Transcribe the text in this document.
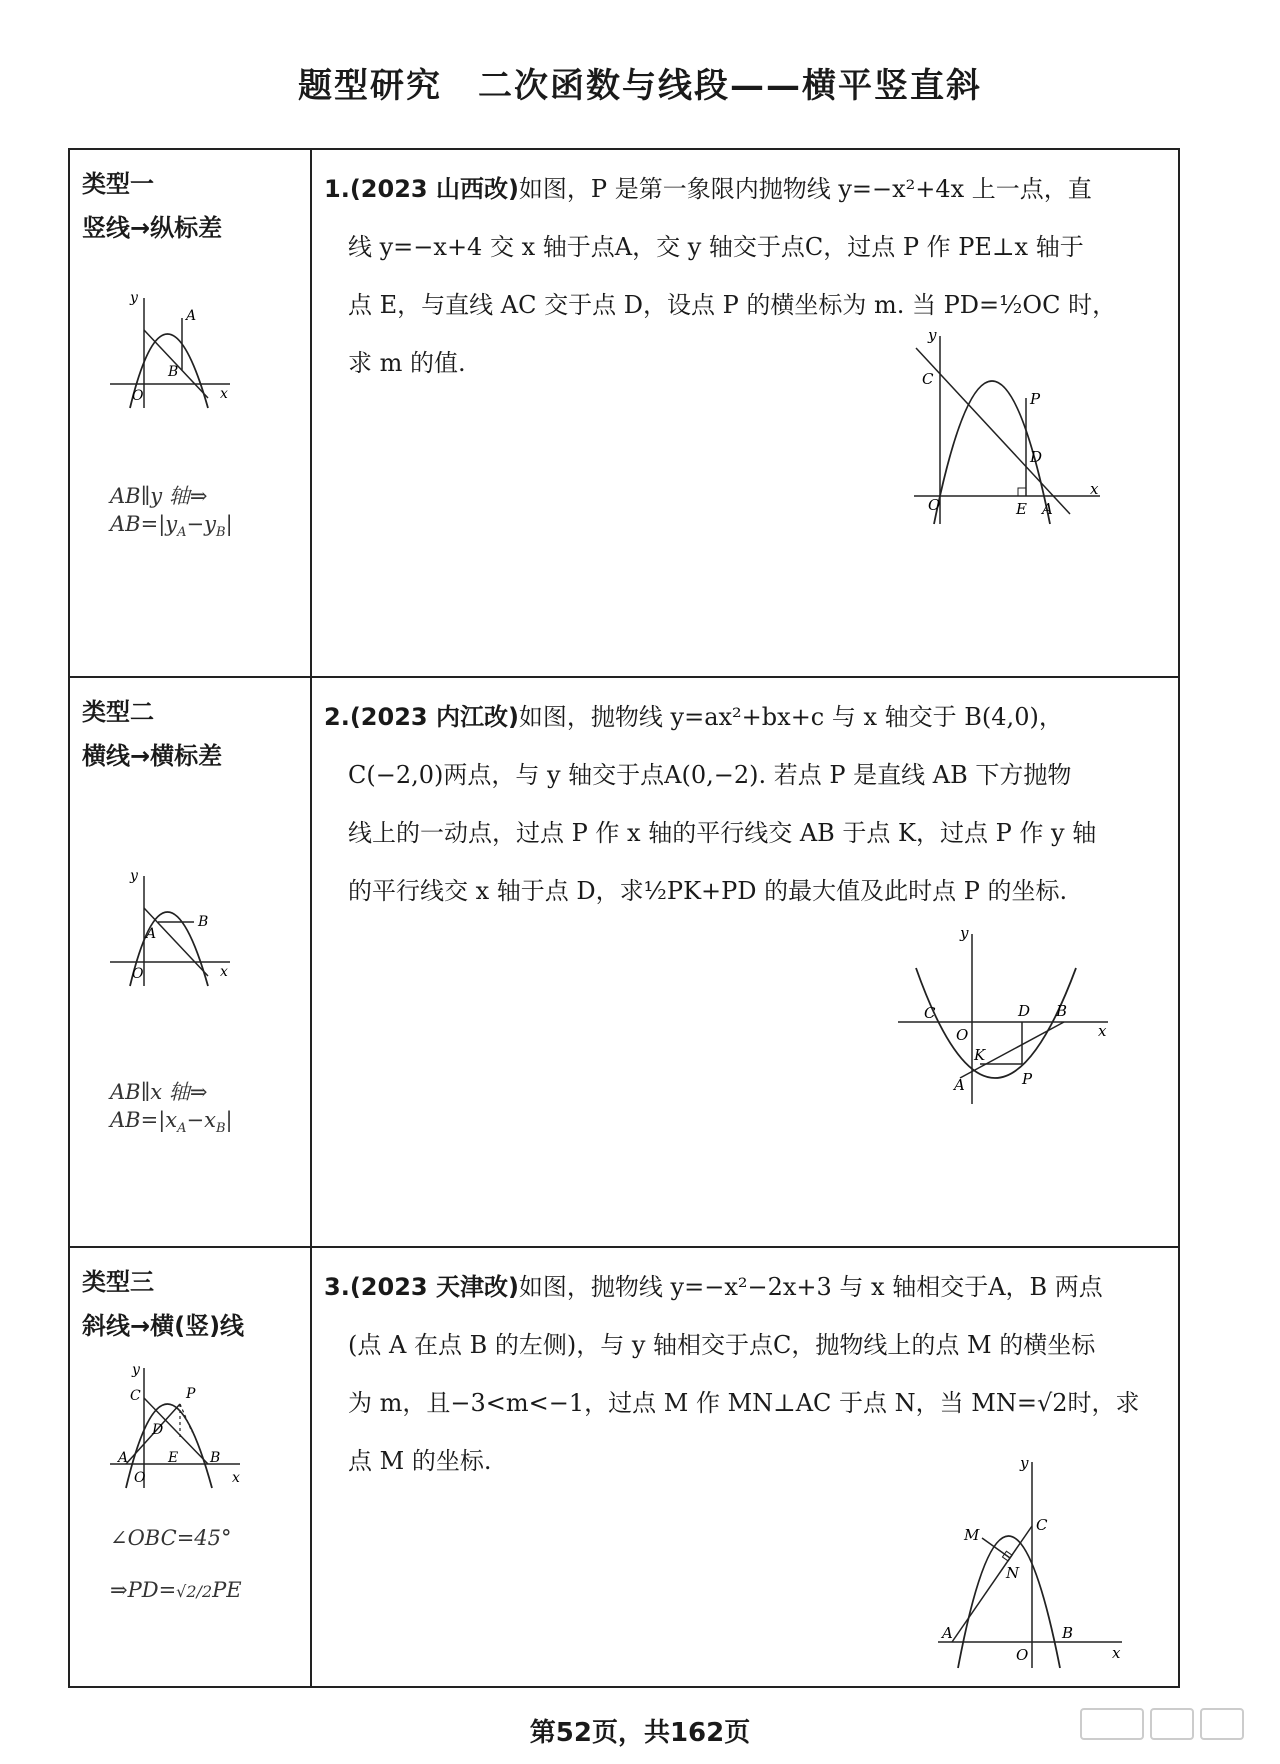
题型研究　二次函数与线段——横平竖直斜
类型一
竖线→纵标差
y
x
O
A
B
AB∥y 轴⇒
$AB=|y_A-y_B|$
1.(2023 山西改)如图，P 是第一象限内抛物线 y=−x²+4x 上一点，直
线 y=−x+4 交 x 轴于点A，交 y 轴交于点C，过点 P 作 PE⊥x 轴于
点 E，与直线 AC 交于点 D，设点 P 的横坐标为 m. 当 PD=½OC 时，
求 m 的值.
y
x
O
C
P
D
E A
类型二
横线→横标差
y
x
O
A
B
AB∥x 轴⇒
$AB=|x_A-x_B|$
2.(2023 内江改)如图，抛物线 y=ax²+bx+c 与 x 轴交于 B(4,0)，
C(−2,0)两点，与 y 轴交于点A(0,−2). 若点 P 是直线 AB 下方抛物
线上的一动点，过点 P 作 x 轴的平行线交 AB 于点 K，过点 P 作 y 轴
的平行线交 x 轴于点 D，求½PK+PD 的最大值及此时点 P 的坐标.
y
x
O
C	D B
K
A	P
类型三
斜线→横(竖)线
y
x
O
C	P
D
A	E B
∠OBC=45°
⇒PD=√2/2PE
3.(2023 天津改)如图，抛物线 y=−x²−2x+3 与 x 轴相交于A，B 两点
(点 A 在点 B 的左侧)，与 y 轴相交于点C，抛物线上的点 M 的横坐标
为 m，且−3<m<−1，过点 M 作 MN⊥AC 于点 N，当 MN=√2时，求
点 M 的坐标.	y
x
O
M
C
N
A	B
第52页，共162页
